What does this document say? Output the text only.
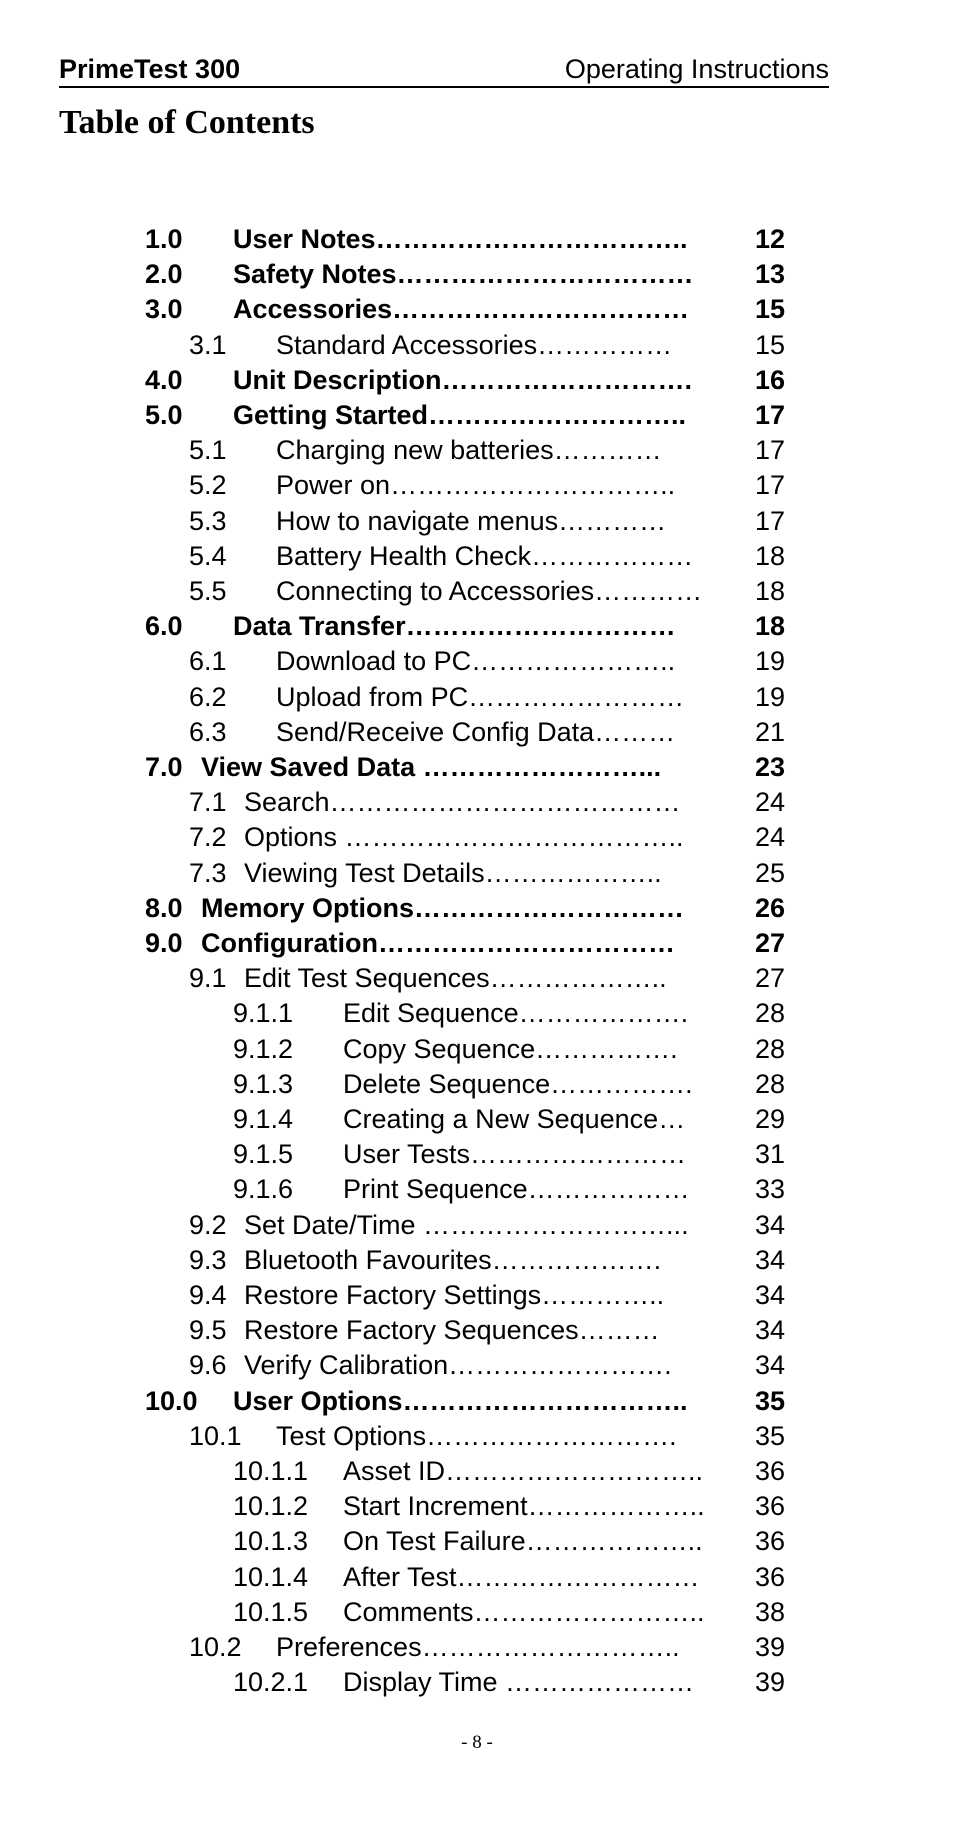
PrimeTest 300	Operating Instructions
Table of Contents
1.0 User Notes……………………………..	12
2.0 Safety Notes……………………………	13
3.0 Accessories……………………………	15
3.1 Standard Accessories……………	15
4.0 Unit Description……………………….	16
5.0 Getting Started………………………..	17
5.1 Charging new batteries…………	17
5.2 Power on…………………………..	17
5.3 How to navigate menus…………	17
5.4 Battery Health Check………………	18
5.5 Connecting to Accessories…………	18
6.0 Data Transfer…………………………	18
6.1 Download to PC…………………..	19
6.2 Upload from PC……………………	19
6.3 Send/Receive Config Data………	21
7.0 View Saved Data ……………………...	23
7.1 Search…………………………………	24
7.2 Options ………………………………..	24
7.3 Viewing Test Details………………..	25
8.0 Memory Options…………………………	26
9.0 Configuration……………………………	27
9.1 Edit Test Sequences………………..	27
9.1.1 Edit Sequence……………….	28
9.1.2 Copy Sequence…………….	28
9.1.3 Delete Sequence…………….	28
9.1.4 Creating a New Sequence…	29
9.1.5 User Tests……………………	31
9.1.6 Print Sequence………………	33
9.2 Set Date/Time ………………………...	34
9.3 Bluetooth Favourites……………….	34
9.4 Restore Factory Settings…………..	34
9.5 Restore Factory Sequences………	34
9.6 Verify Calibration…………………….	34
10.0 User Options…………………………..	35
10.1 Test Options……………………….	35
10.1.1 Asset ID………………………..	36
10.1.2 Start Increment………………..	36
10.1.3 On Test Failure………………..	36
10.1.4 After Test………………………	36
10.1.5 Comments……………………..	38
10.2 Preferences………………………..	39
10.2.1 Display Time …………………	39
- 8 -
